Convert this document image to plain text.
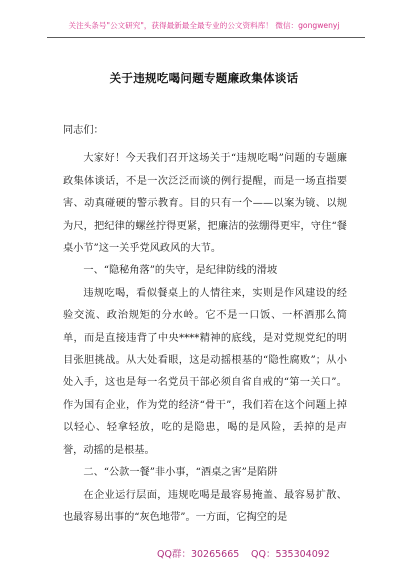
关注头条号"公文研究"，获得最新最全最专业的公文资料库！ 微信：gongwenyj
关于违规吃喝问题专题廉政集体谈话

同志们：

大家好！今天我们召开这场关于“违规吃喝”问题的专题廉政集体谈话，不是一次泛泛而谈的例行提醒，而是一场直指要害、动真碰硬的警示教育。目的只有一个——以案为镜、以规为尺，把纪律的螺丝拧得更紧，把廉洁的弦绷得更牢，守住“餐桌小节”这一关乎党风政风的大节。

一、“隐秘角落”的失守，是纪律防线的滑坡

违规吃喝，看似餐桌上的人情往来，实则是作风建设的经验交流、政治规矩的分水岭。它不是一口饭、一杯酒那么简单，而是直接违背了中央****精神的底线，是对党规党纪的明目张胆挑战。从大处看眼，这是动摇根基的“隐性腐败”；从小处入手，这也是每一名党员干部必须自省自戒的“第一关口”。作为国有企业，作为党的经济“骨干”，我们若在这个问题上掉以轻心、轻拿轻放，吃的是隐患，喝的是风险，丢掉的是声誉，动摇的是根基。

二、“公款一餐”非小事，“酒桌之害”是陷阱

在企业运行层面，违规吃喝是最容易掩盖、最容易扩散、也最容易出事的“灰色地带”。一方面，它掏空的是

QQ群：30265665 QQ：535304092
